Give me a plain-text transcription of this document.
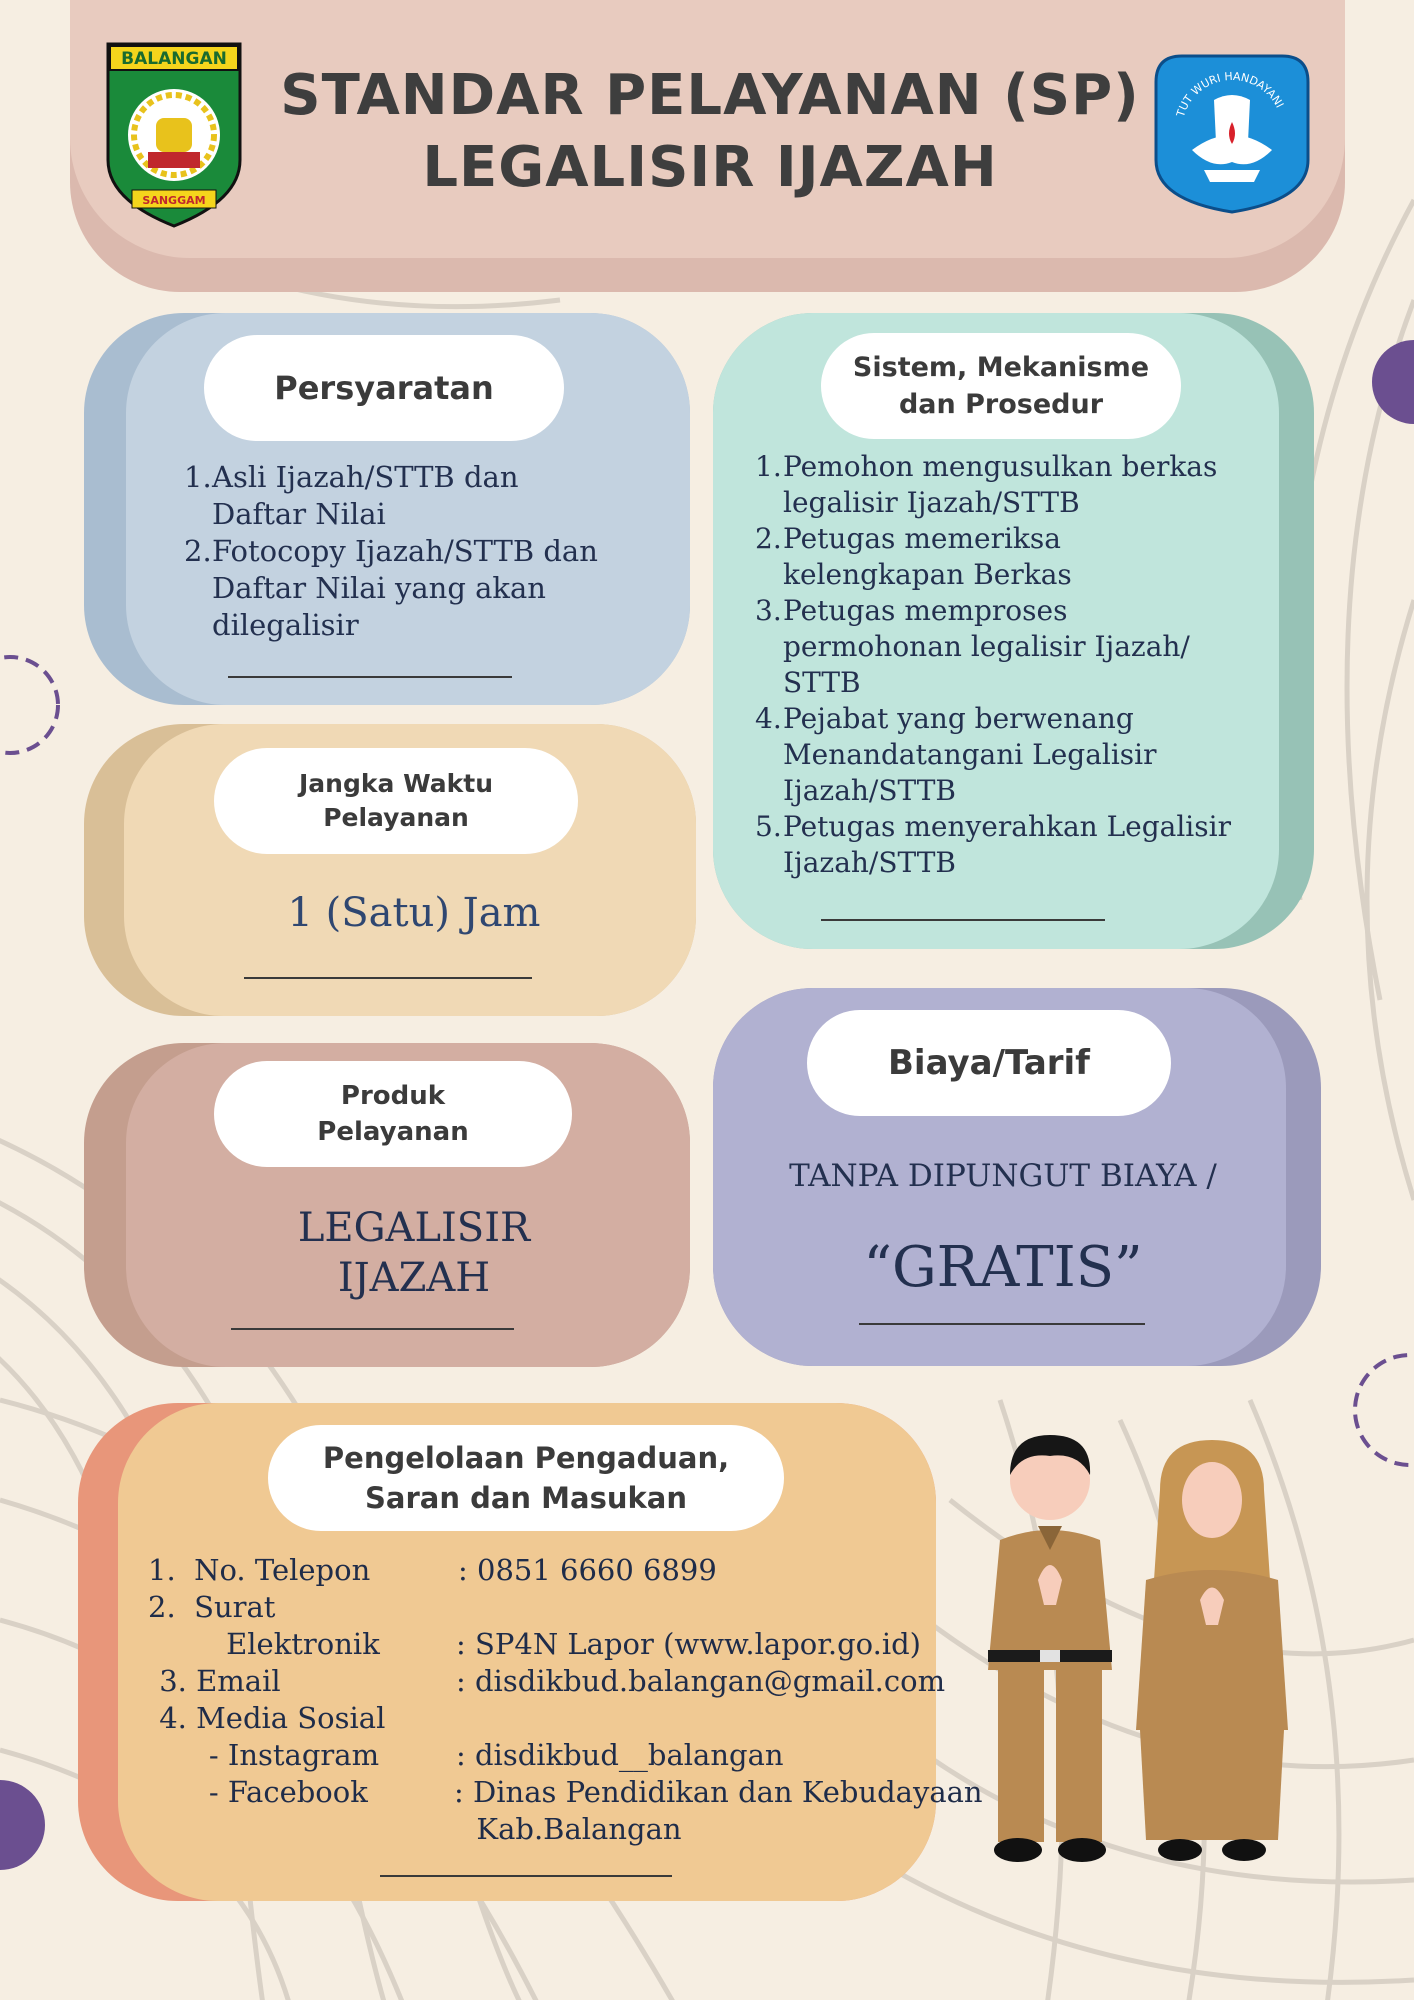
STANDAR PELAYANAN (SP)
LEGALISIR IJAZAH
BALANGAN
SANGGAM
TUT WURI HANDAYANI
Persyaratan
1. Asli Ijazah/STTB dan
Daftar Nilai
2. Fotocopy Ijazah/STTB dan
Daftar Nilai yang akan
dilegalisir
Sistem, Mekanisme
dan Prosedur
1. Pemohon mengusulkan berkas
legalisir Ijazah/STTB
2. Petugas memeriksa
kelengkapan Berkas
3. Petugas memproses
permohonan legalisir Ijazah/
STTB
4. Pejabat yang berwenang
Menandatangani Legalisir
Ijazah/STTB
5. Petugas menyerahkan Legalisir
Ijazah/STTB
Jangka Waktu
Pelayanan
1 (Satu) Jam
Produk
Pelayanan
LEGALISIR
IJAZAH
Biaya/Tarif
TANPA DIPUNGUT BIAYA /
“GRATIS”
Pengelolaan Pengaduan,
Saran dan Masukan
1.  No. Telepon	: 0851 6660 6899
2.  Surat
Elektronik	: SP4N Lapor (www.lapor.go.id)
3. Email	: disdikbud.balangan@gmail.com
4. Media Sosial
- Instagram	: disdikbud__balangan
- Facebook	: Dinas Pendidikan dan Kebudayaan
Kab.Balangan
